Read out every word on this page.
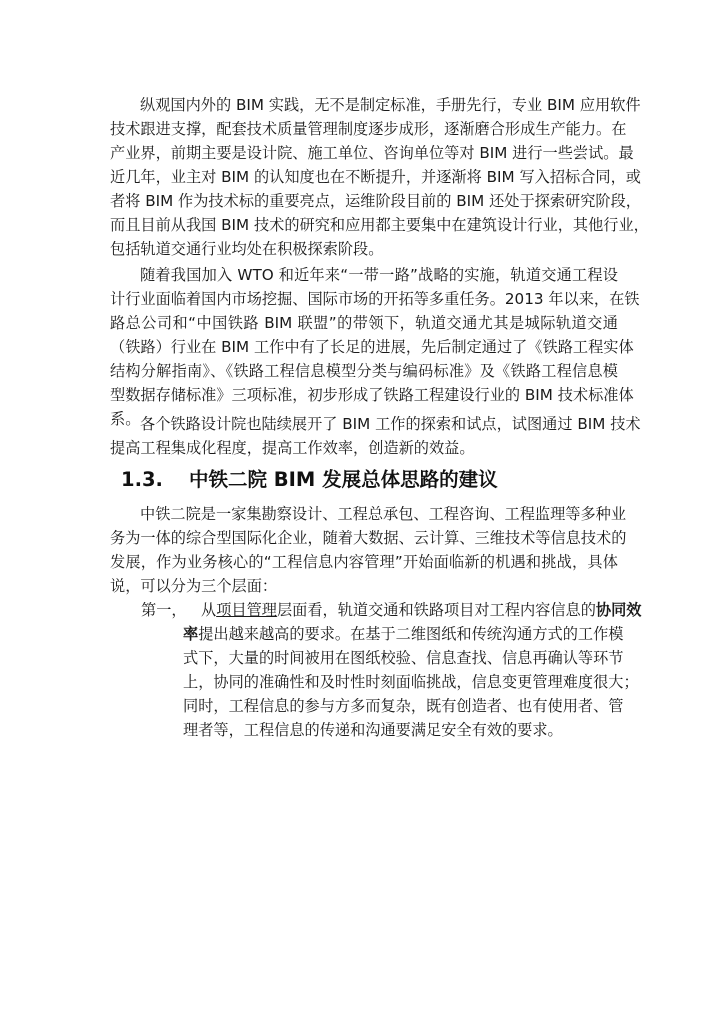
纵观国内外的 BIM 实践，无不是制定标准，手册先行，专业 BIM 应用软件
技术跟进支撑，配套技术质量管理制度逐步成形，逐渐磨合形成生产能力。在
产业界，前期主要是设计院、施工单位、咨询单位等对 BIM 进行一些尝试。最
近几年，业主对 BIM 的认知度也在不断提升，并逐渐将 BIM 写入招标合同，或
者将 BIM 作为技术标的重要亮点，运维阶段目前的 BIM 还处于探索研究阶段，
而且目前从我国 BIM 技术的研究和应用都主要集中在建筑设计行业，其他行业，
包括轨道交通行业均处在积极探索阶段。
随着我国加入 WTO 和近年来“一带一路”战略的实施，轨道交通工程设
计行业面临着国内市场挖掘、国际市场的开拓等多重任务。2013 年以来，在铁
路总公司和“中国铁路 BIM 联盟”的带领下，轨道交通尤其是城际轨道交通
（铁路）行业在 BIM 工作中有了长足的进展，先后制定通过了《铁路工程实体
结构分解指南》、《铁路工程信息模型分类与编码标准》及《铁路工程信息模
型数据存储标准》三项标准，初步形成了铁路工程建设行业的 BIM 技术标准体
系。 各个铁路设计院也陆续展开了 BIM 工作的探索和试点，试图通过 BIM 技术
提高工程集成化程度，提高工作效率，创造新的效益。
1.3. 中铁二院 BIM 发展总体思路的建议
中铁二院是一家集勘察设计、工程总承包、工程咨询、工程监理等多种业
务为一体的综合型国际化企业，随着大数据、云计算、三维技术等信息技术的
发展，作为业务核心的“工程信息内容管理”开始面临新的机遇和挑战，具体
说，可以分为三个层面：
第一， 从项目管理层面看，轨道交通和铁路项目对工程内容信息的协同效
率提出越来越高的要求。在基于二维图纸和传统沟通方式的工作模
式下，大量的时间被用在图纸校验、信息查找、信息再确认等环节
上，协同的准确性和及时性时刻面临挑战，信息变更管理难度很大；
同时，工程信息的参与方多而复杂，既有创造者、也有使用者、管
理者等，工程信息的传递和沟通要满足安全有效的要求。
